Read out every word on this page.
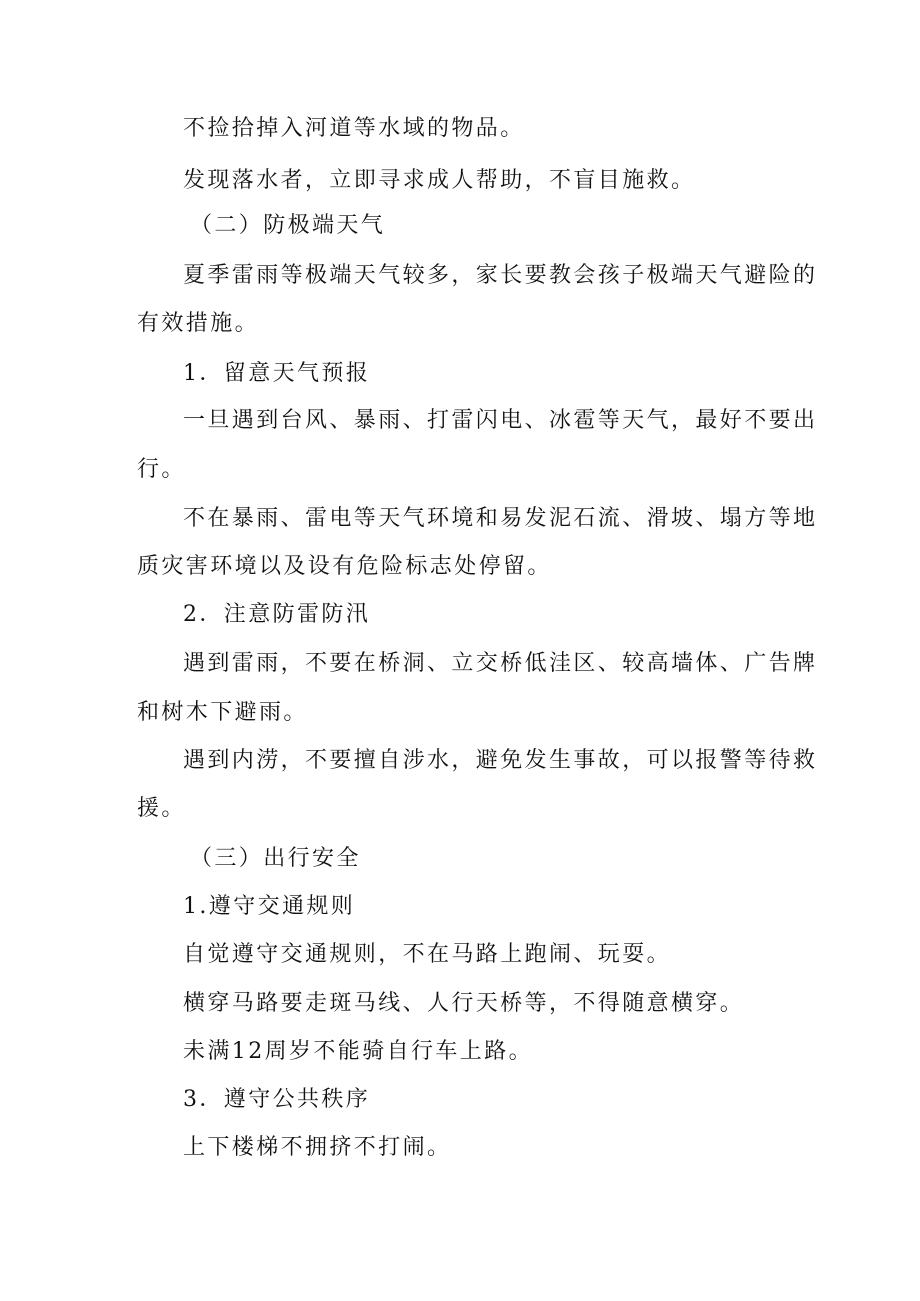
不捡拾掉入河道等水域的物品。
发现落水者，立即寻求成人帮助，不盲目施救。
（二）防极端天气
夏季雷雨等极端天气较多，家长要教会孩子极端天气避险的
有效措施。
1．留意天气预报
一旦遇到台风、暴雨、打雷闪电、冰雹等天气，最好不要出
行。
不在暴雨、雷电等天气环境和易发泥石流、滑坡、塌方等地
质灾害环境以及设有危险标志处停留。
2．注意防雷防汛
遇到雷雨，不要在桥洞、立交桥低洼区、较高墙体、广告牌
和树木下避雨。
遇到内涝，不要擅自涉水，避免发生事故，可以报警等待救
援。
（三）出行安全
1.遵守交通规则
自觉遵守交通规则，不在马路上跑闹、玩耍。
横穿马路要走斑马线、人行天桥等，不得随意横穿。
未满12周岁不能骑自行车上路。
3．遵守公共秩序
上下楼梯不拥挤不打闹。
